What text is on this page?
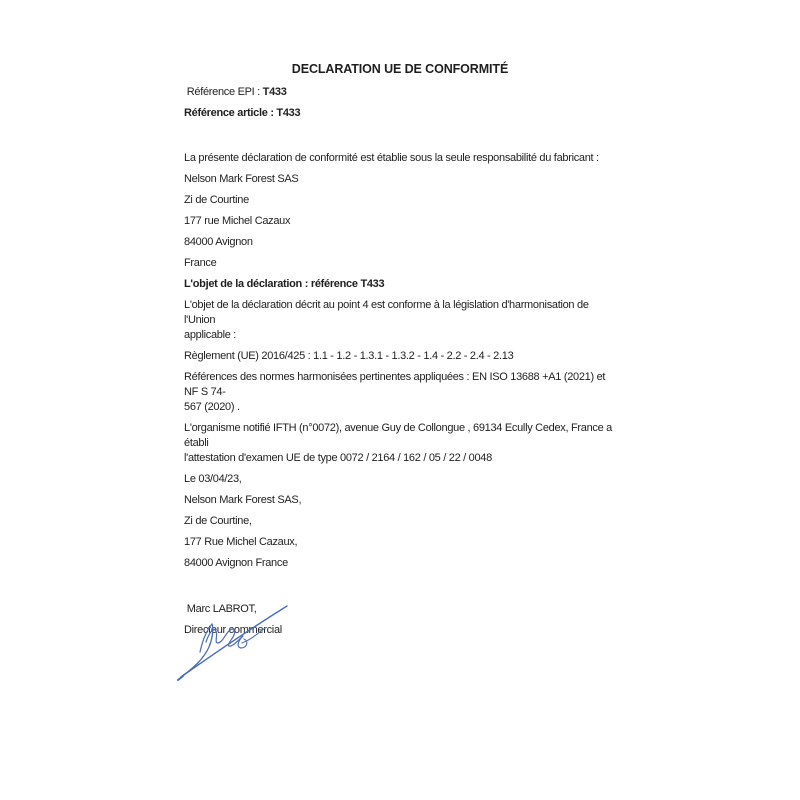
DECLARATION UE DE CONFORMITÉ

Référence EPI : T433

Référence article : T433

La présente déclaration de conformité est établie sous la seule responsabilité du fabricant :

Nelson Mark Forest SAS

Zi de Courtine

177 rue Michel Cazaux

84000 Avignon

France

L'objet de la déclaration : référence T433

L'objet de la déclaration décrit au point 4 est conforme à la législation d'harmonisation de l'Union

applicable :

Règlement (UE) 2016/425 : 1.1 - 1.2 - 1.3.1 - 1.3.2 - 1.4 - 2.2 - 2.4 - 2.13

Références des normes harmonisées pertinentes appliquées : EN ISO 13688 +A1 (2021) et NF S 74-

567 (2020) .

L'organisme notifié IFTH (n°0072), avenue Guy de Collongue , 69134 Ecully Cedex, France a établi

l'attestation d'examen UE de type 0072 / 2164 / 162 / 05 / 22 / 0048

Le 03/04/23,

Nelson Mark Forest SAS,

Zi de Courtine,

177 Rue Michel Cazaux,

84000 Avignon France

Marc LABROT,

Directeur commercial
